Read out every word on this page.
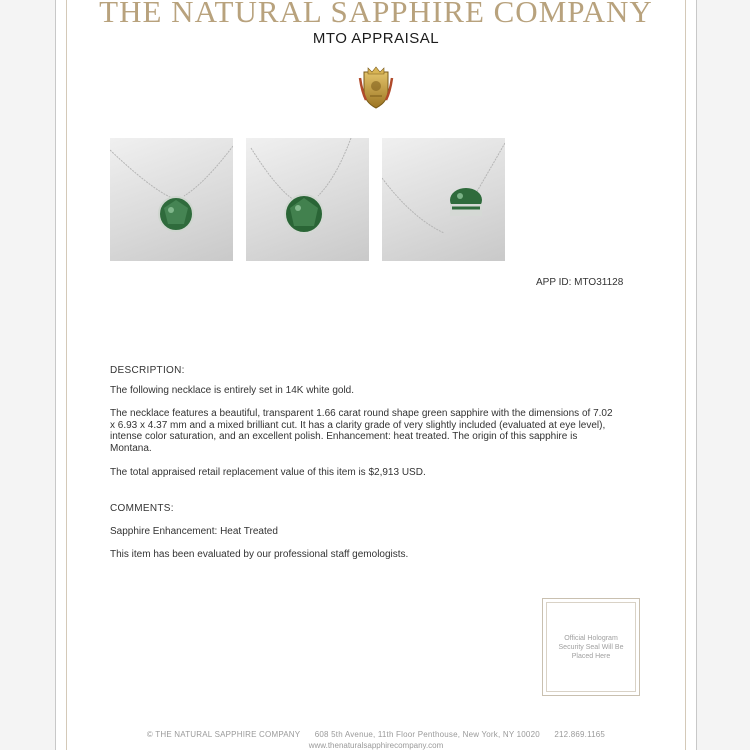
THE NATURAL SAPPHIRE COMPANY
MTO APPRAISAL
APP ID: MTO31128
DESCRIPTION:
The following necklace is entirely set in 14K white gold.
The necklace features a beautiful, transparent 1.66 carat round shape green sapphire with the dimensions of 7.02 x 6.93 x 4.37 mm and a mixed brilliant cut. It has a clarity grade of very slightly included (evaluated at eye level), intense color saturation, and an excellent polish. Enhancement: heat treated. The origin of this sapphire is Montana.
The total appraised retail replacement value of this item is $2,913 USD.
COMMENTS:
Sapphire Enhancement: Heat Treated
This item has been evaluated by our professional staff gemologists.
Official Hologram Security Seal Will Be Placed Here
© THE NATURAL SAPPHIRE COMPANY 608 5th Avenue, 11th Floor Penthouse, New York, NY 10020 212.869.1165
www.thenaturalsapphirecompany.com
